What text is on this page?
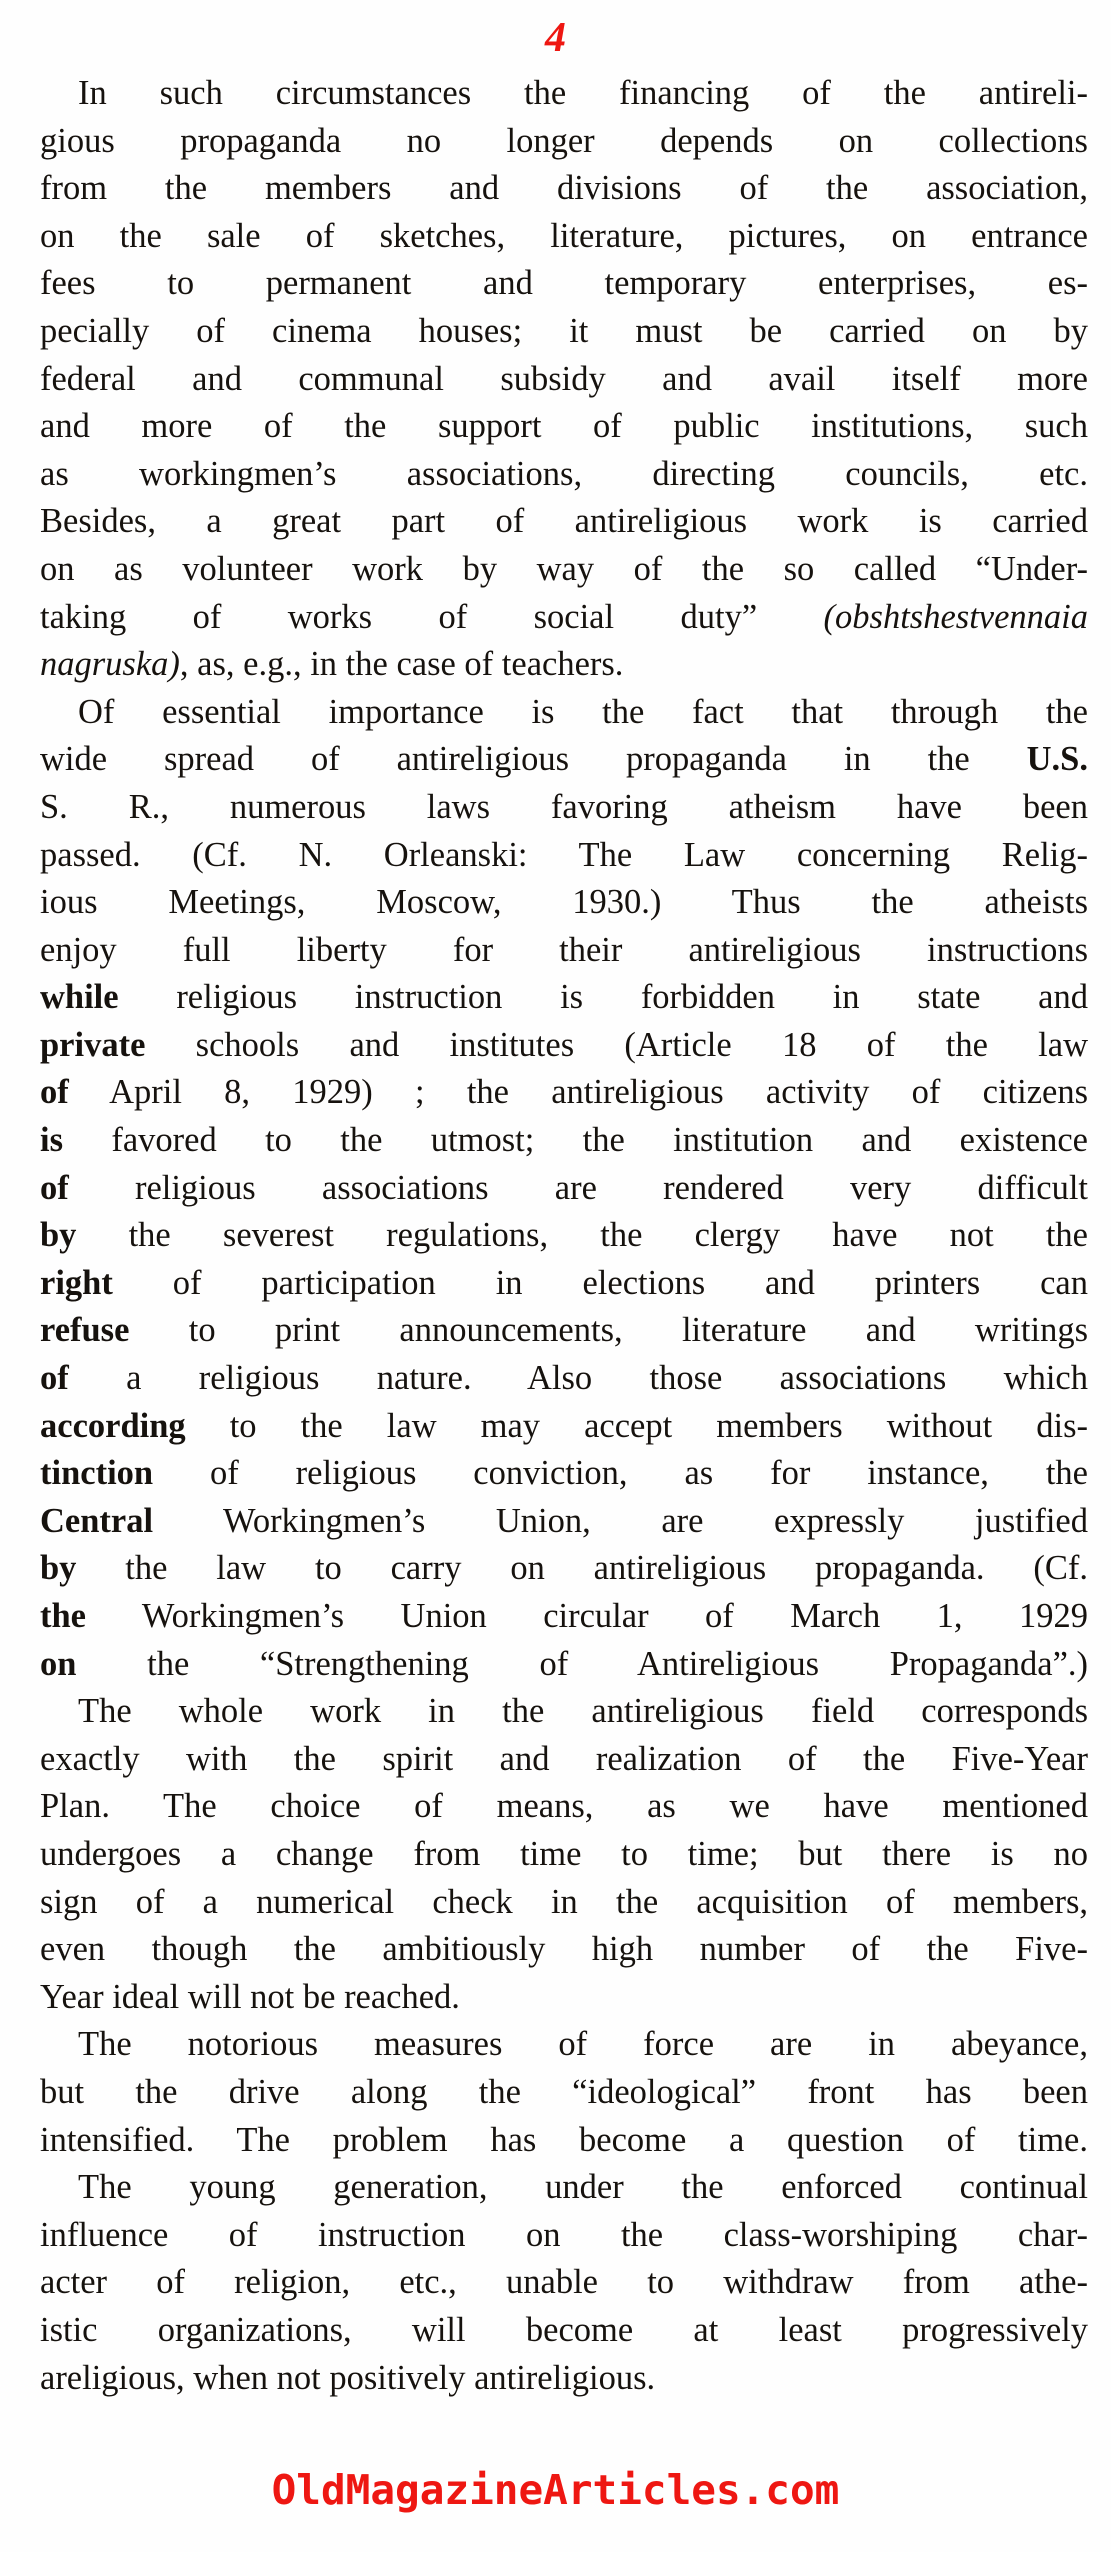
4
In such circumstances the financing of the antireli-
gious propaganda no longer depends on collections
from the members and divisions of the association,
on the sale of sketches, literature, pictures, on entrance
fees to permanent and temporary enterprises, es-
pecially of cinema houses; it must be carried on by
federal and communal subsidy and avail itself more
and more of the support of public institutions, such
as workingmen’s associations, directing councils, etc.
Besides, a great part of antireligious work is carried
on as volunteer work by way of the so called “Under-
taking of works of social duty” (obshtshestvennaia
nagruska), as, e.g., in the case of teachers.
Of essential importance is the fact that through the
wide spread of antireligious propaganda in the U.S.
S. R., numerous laws favoring atheism have been
passed. (Cf. N. Orleanski: The Law concerning Relig-
ious Meetings, Moscow, 1930.) Thus the atheists
enjoy full liberty for their antireligious instructions
while religious instruction is forbidden in state and
private schools and institutes (Article 18 of the law
of April 8, 1929) ; the antireligious activity of citizens
is favored to the utmost; the institution and existence
of religious associations are rendered very difficult
by the severest regulations, the clergy have not the
right of participation in elections and printers can
refuse to print announcements, literature and writings
of a religious nature. Also those associations which
according to the law may accept members without dis-
tinction of religious conviction, as for instance, the
Central Workingmen’s Union, are expressly justified
by the law to carry on antireligious propaganda. (Cf.
the Workingmen’s Union circular of March 1, 1929
on the “Strengthening of Antireligious Propaganda”.)
The whole work in the antireligious field corresponds
exactly with the spirit and realization of the Five-Year
Plan. The choice of means, as we have mentioned
undergoes a change from time to time; but there is no
sign of a numerical check in the acquisition of members,
even though the ambitiously high number of the Five-
Year ideal will not be reached.
The notorious measures of force are in abeyance,
but the drive along the “ideological” front has been
intensified. The problem has become a question of time.
The young generation, under the enforced continual
influence of instruction on the class-worshiping char-
acter of religion, etc., unable to withdraw from athe-
istic organizations, will become at least progressively
areligious, when not positively antireligious.
OldMagazineArticles.com
